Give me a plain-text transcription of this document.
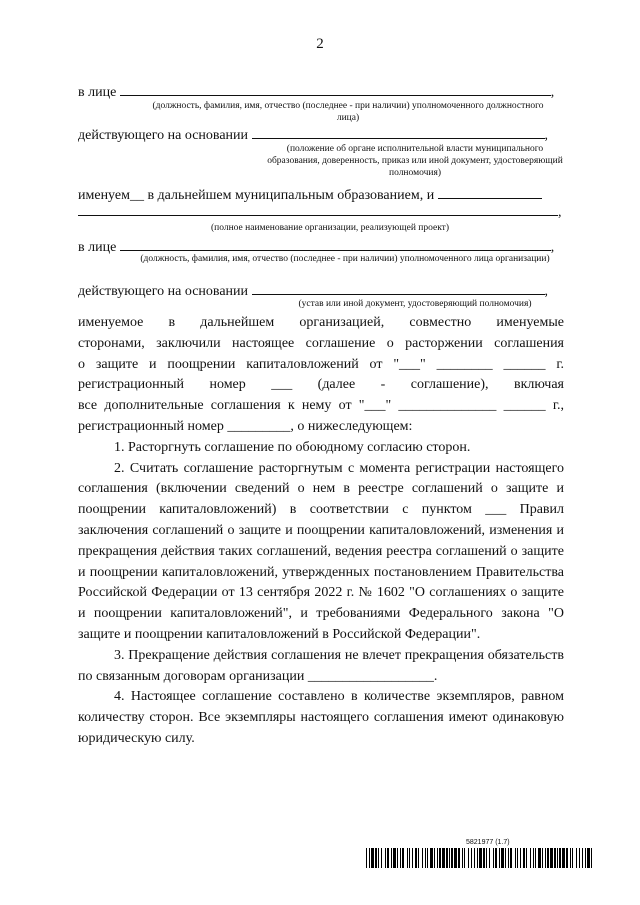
2
в лице	,
(должность, фамилия, имя, отчество (последнее - при наличии) уполномоченного должностного лица)
действующего на основании	,
(положение об органе исполнительной власти муниципального образования, доверенность, приказ или иной документ, удостоверяющий полномочия)
именуем__ в дальнейшем муниципальным образованием, и
,
(полное наименование организации, реализующей проект)
в лице	,
(должность, фамилия, имя, отчество (последнее - при наличии) уполномоченного лица организации)
действующего на основании	,
(устав или иной документ, удостоверяющий полномочия)

именуемое в дальнейшем организацией, совместно именуемые

сторонами, заключили настоящее соглашение о расторжении соглашения

о защите и поощрении капиталовложений от "___" ________ ______ г.

регистрационный номер ___ (далее - соглашение), включая

все дополнительные соглашения к нему от "___" ______________ ______ г.,

регистрационный номер _________, о нижеследующем:

1. Расторгнуть соглашение по обоюдному согласию сторон.

2. Считать соглашение расторгнутым с момента регистрации настоящего соглашения (включении сведений о нем в реестре соглашений о защите и поощрении капиталовложений) в соответствии с пунктом ___ Правил заключения соглашений о защите и поощрении капиталовложений, изменения и прекращения действия таких соглашений, ведения реестра соглашений о защите и поощрении капиталовложений, утвержденных постановлением Правительства Российской Федерации от 13 сентября 2022 г. № 1602 "О соглашениях о защите и поощрении капиталовложений", и требованиями Федерального закона "О защите и поощрении капиталовложений в Российской Федерации".

3. Прекращение действия соглашения не влечет прекращения обязательств по связанным договорам организации __________________.

4. Настоящее соглашение составлено в количестве экземпляров, равном количеству сторон. Все экземпляры настоящего соглашения имеют одинаковую юридическую силу.

5821977 (1.7)
